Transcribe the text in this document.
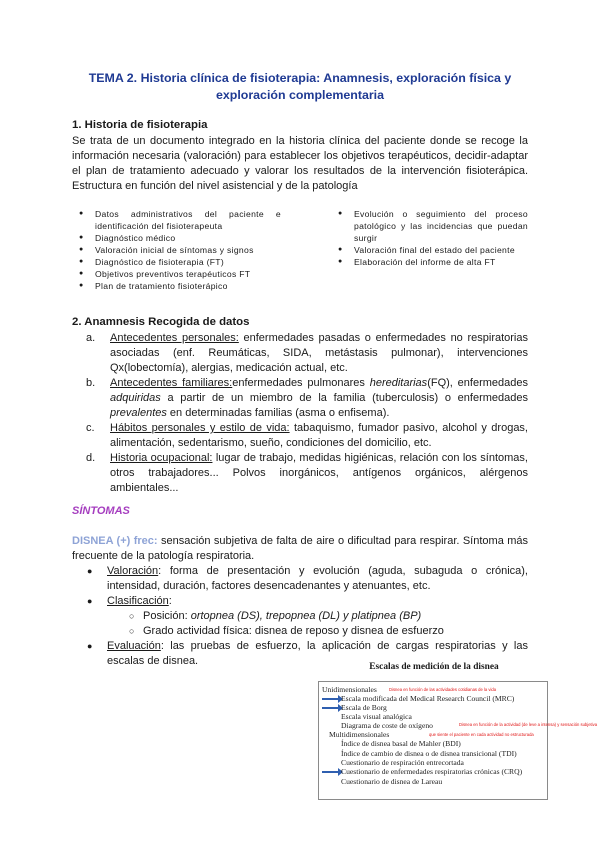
TEMA 2. Historia clínica de fisioterapia: Anamnesis, exploración física y
exploración complementaria
1. Historia de fisioterapia
Se trata de un documento integrado en la historia clínica del paciente donde se recoge la información necesaria (valoración) para establecer los objetivos terapéuticos, decidir-adaptar el plan de tratamiento adecuado y valorar los resultados de la intervención fisioterápica. Estructura en función del nivel asistencial y de la patología
● Datos administrativos del paciente e identificación del fisioterapeuta
● Diagnóstico médico
● Valoración inicial de síntomas y signos
● Diagnóstico de fisioterapia (FT)
● Objetivos preventivos terapéuticos FT
● Plan de tratamiento fisioterápico
● Evolución o seguimiento del proceso patológico y las incidencias que puedan surgir
● Valoración final del estado del paciente
● Elaboración del informe de alta FT
2. Anamnesis Recogida de datos
a. Antecedentes personales: enfermedades pasadas o enfermedades no respiratorias asociadas (enf. Reumáticas, SIDA, metástasis pulmonar), intervenciones Qx(lobectomía), alergias, medicación actual, etc.
b. Antecedentes familiares:enfermedades pulmonares hereditarias(FQ), enfermedades adquiridas a partir de un miembro de la familia (tuberculosis) o enfermedades prevalentes en determinadas familias (asma o enfisema).
c. Hábitos personales y estilo de vida: tabaquismo, fumador pasivo, alcohol y drogas, alimentación, sedentarismo, sueño, condiciones del domicilio, etc.
d. Historia ocupacional: lugar de trabajo, medidas higiénicas, relación con los síntomas, otros trabajadores... Polvos inorgánicos, antígenos orgánicos, alérgenos ambientales...
SÍNTOMAS
DISNEA (+) frec: sensación subjetiva de falta de aire o dificultad para respirar. Síntoma más frecuente de la patología respiratoria.
● Valoración: forma de presentación y evolución (aguda, subaguda o crónica), intensidad, duración, factores desencadenantes y atenuantes, etc.
● Clasificación:
○ Posición: ortopnea (DS), trepopnea (DL) y platipnea (BP)
○ Grado actividad física: disnea de reposo y disnea de esfuerzo
● Evaluación: las pruebas de esfuerzo, la aplicación de cargas respiratorias y las escalas de disnea.	Escalas de medición de la disnea
Unidimensionales	Disnea en función de las actividades cotidianas de la vida
Escala modificada del Medical Research Council (MRC)
Escala de Borg
Escala visual analógica
Diagrama de coste de oxígeno	Disnea en función de la actividad (de leve a intensa) y sensación subjetiva
Multidimensionales	que siente el paciente en cada actividad no estructurada
Índice de disnea basal de Mahler (BDI)
Índice de cambio de disnea o de disnea transicional (TDI)
Cuestionario de respiración entrecortada
Cuestionario de enfermedades respiratorias crónicas (CRQ)
Cuestionario de disnea de Lareau
